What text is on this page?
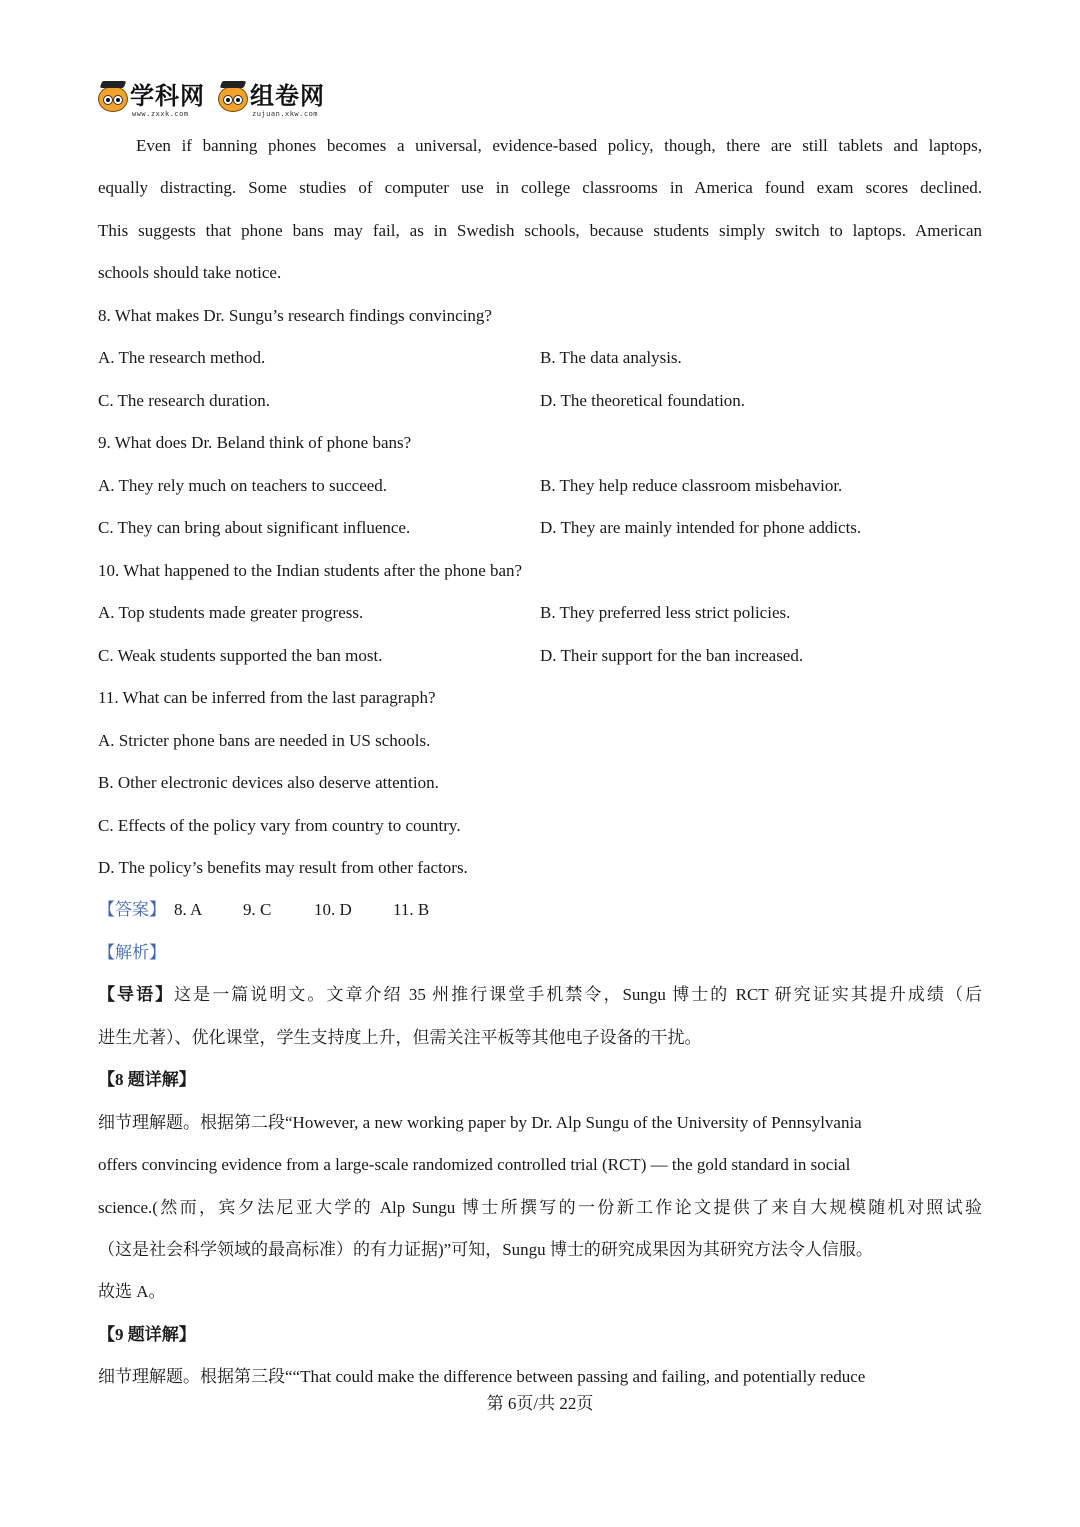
学科网
www.zxxk.com
组卷网
zujuan.xkw.com
Even if banning phones becomes a universal, evidence-based policy, though, there are still tablets and laptops,
equally distracting. Some studies of computer use in college classrooms in America found exam scores declined.
This suggests that phone bans may fail, as in Swedish schools, because students simply switch to laptops. American
schools should take notice.
8. What makes Dr. Sungu’s research findings convincing?
A. The research method.	B. The data analysis.
C. The research duration.	D. The theoretical foundation.
9. What does Dr. Beland think of phone bans?
A. They rely much on teachers to succeed.	B. They help reduce classroom misbehavior.
C. They can bring about significant influence.	D. They are mainly intended for phone addicts.
10. What happened to the Indian students after the phone ban?
A. Top students made greater progress.	B. They preferred less strict policies.
C. Weak students supported the ban most.	D. Their support for the ban increased.
11. What can be inferred from the last paragraph?
A. Stricter phone bans are needed in US schools.
B. Other electronic devices also deserve attention.
C. Effects of the policy vary from country to country.
D. The policy’s benefits may result from other factors.
【答案】 8. A 9. C	10. D 11. B
【解析】
【导语】这是一篇说明文。文章介绍 35 州推行课堂手机禁令，Sungu 博士的 RCT 研究证实其提升成绩（后
进生尤著）、优化课堂，学生支持度上升，但需关注平板等其他电子设备的干扰。
【8 题详解】
细节理解题。根据第二段“However, a new working paper by Dr. Alp Sungu of the University of Pennsylvania
offers convincing evidence from a large-scale randomized controlled trial (RCT) — the gold standard in social
science.(然而，宾夕法尼亚大学的 Alp Sungu 博士所撰写的一份新工作论文提供了来自大规模随机对照试验
（这是社会科学领域的最高标准）的有力证据)”可知，Sungu 博士的研究成果因为其研究方法令人信服。
故选 A。
【9 题详解】
细节理解题。根据第三段““That could make the difference between passing and failing, and potentially reduce
第 6页/共 22页
